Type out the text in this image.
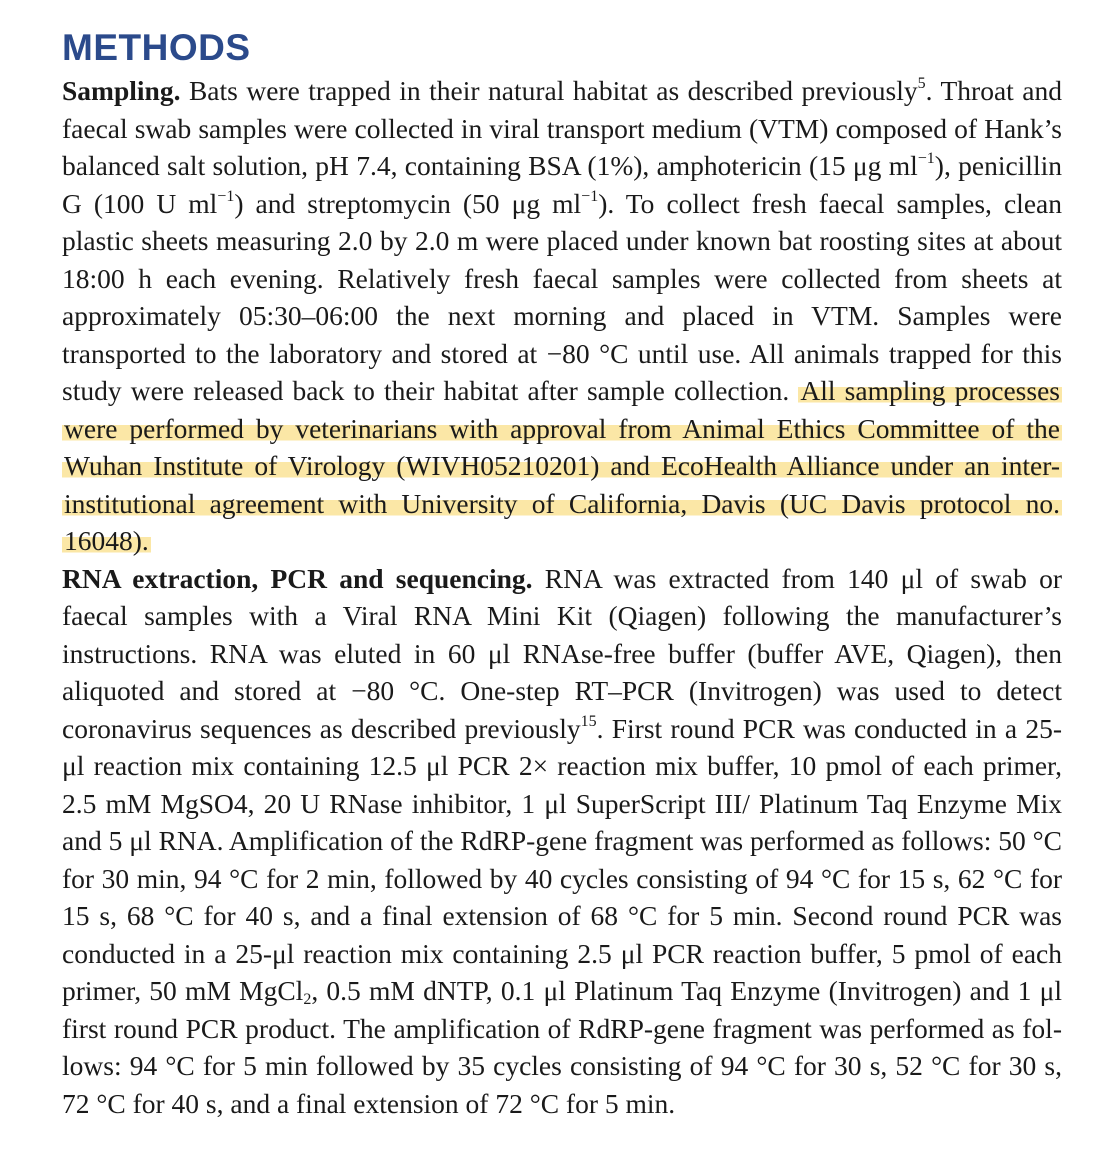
METHODS

Sampling. Bats were trapped in their natural habitat as described previously$^5$. Throat and faecal swab samples were collected in viral transport medium (VTM) composed of Hank’s balanced salt solution, pH 7.4, containing BSA (1%), amphotericin (15 μg $ml^{-1}$), penicillin G (100 U $ml^{-1}$) and streptomycin (50 μg $ml^{-1}$). To collect fresh faecal samples, clean plastic sheets measuring 2.0 by 2.0 m were placed under known bat roosting sites at about 18:00 h each evening. Relatively fresh faecal samples were collected from sheets at approximately 05:30–06:00 the next morning and placed in VTM. Samples were transported to the laboratory and stored at −80 °C until use. All animals trapped for this study were released back to their habitat after sample collection. All sampling processes were performed by veterinarians with approval from Animal Ethics Committee of the Wuhan Institute of Virology (WIVH05210201) and EcoHealth Alliance under an inter-institutional agreement with University of California, Davis (UC Davis protocol no. 16048).

RNA extraction, PCR and sequencing. RNA was extracted from 140 μl of swab or faecal samples with a Viral RNA Mini Kit (Qiagen) following the manufacturer’s instructions. RNA was eluted in 60 μl RNAse-free buffer (buffer AVE, Qiagen), then aliquoted and stored at −80 °C. One-step RT–PCR (Invitrogen) was used to detect coronavirus sequences as described previously$^{15}$. First round PCR was conducted in a 25-μl reaction mix containing 12.5 μl PCR 2× reaction mix buffer, 10 pmol of each primer, 2.5 mM MgSO4, 20 U RNase inhibitor, 1 μl SuperScript III/ Platinum Taq Enzyme Mix and 5 μl RNA. Amplification of the RdRP-gene fragment was performed as follows: 50 °C for 30 min, 94 °C for 2 min, followed by 40 cycles consisting of 94 °C for 15 s, 62 °C for 15 s, 68 °C for 40 s, and a final extension of 68 °C for 5 min. Second round PCR was conducted in a 25-μl reaction mix containing 2.5 μl PCR reaction buffer, 5 pmol of each primer, 50 mM MgCl$_2$, 0.5 mM dNTP, 0.1 μl Platinum Taq Enzyme (Invitrogen) and 1 μl first round PCR product. The amplification of RdRP-gene fragment was performed as follows: 94 °C for 5 min followed by 35 cycles consisting of 94 °C for 30 s, 52 °C for 30 s, 72 °C for 40 s, and a final extension of 72 °C for 5 min.
